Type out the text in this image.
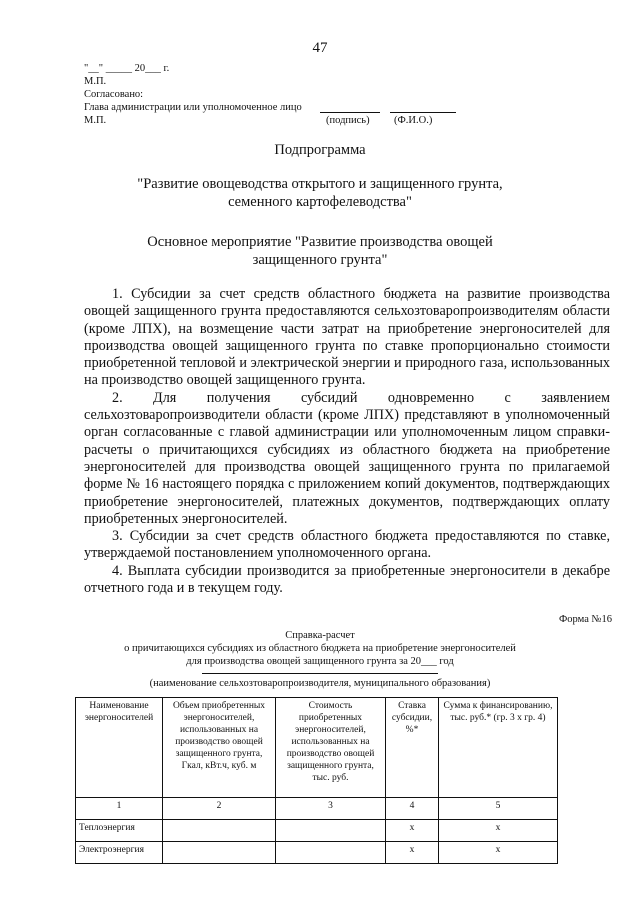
47
"__" _____ 20___ г.
М.П.
Согласовано:
Глава администрации или уполномоченное лицо
М.П.	(подпись) (Ф.И.О.)
Подпрограмма
"Развитие овощеводства открытого и защищенного грунта,
семенного картофелеводства"
Основное мероприятие "Развитие производства овощей
защищенного грунта"

1. Субсидии за счет средств областного бюджета на развитие производства овощей защищенного грунта предоставляются сельхозтоваропроизводителям области (кроме ЛПХ), на возмещение части затрат на приобретение энергоносителей для производства овощей защищенного грунта по ставке пропорционально стоимости приобретенной тепловой и электрической энергии и природного газа, использованных на производство овощей защищенного грунта.

2. Для получения субсидий одновременно с заявлением сельхозтоваропроизводители области (кроме ЛПХ) представляют в уполномоченный орган согласованные с главой администрации или уполномоченным лицом справки-расчеты о причитающихся субсидиях из областного бюджета на приобретение энергоносителей для производства овощей защищенного грунта по прилагаемой форме № 16 настоящего порядка с приложением копий документов, подтверждающих приобретение энергоносителей, платежных документов, подтверждающих оплату приобретенных энергоносителей.

3. Субсидии за счет средств областного бюджета предоставляются по ставке, утверждаемой постановлением уполномоченного органа.

4. Выплата субсидии производится за приобретенные энергоносители в декабре отчетного года и в текущем году.

Форма №16
Справка-расчет
о причитающихся субсидиях из областного бюджета на приобретение энергоносителей
для производства овощей защищенного грунта за 20___ год
(наименование сельхозтоваропроизводителя, муниципального образования)
Наименование энергоносителей	Объем приобретенных энергоносителей, использованных на производство овощей защищенного грунта, Гкал, кВт.ч, куб. м	Стоимость приобретенных энергоносителей, использованных на производство овощей защищенного грунта, тыс. руб.	Ставка субсидии, %*	Сумма к финансированию, тыс. руб.* (гр. 3 х гр. 4)
1	2	3	4	5
Теплоэнергия			х	х
Электроэнергия			х	х
